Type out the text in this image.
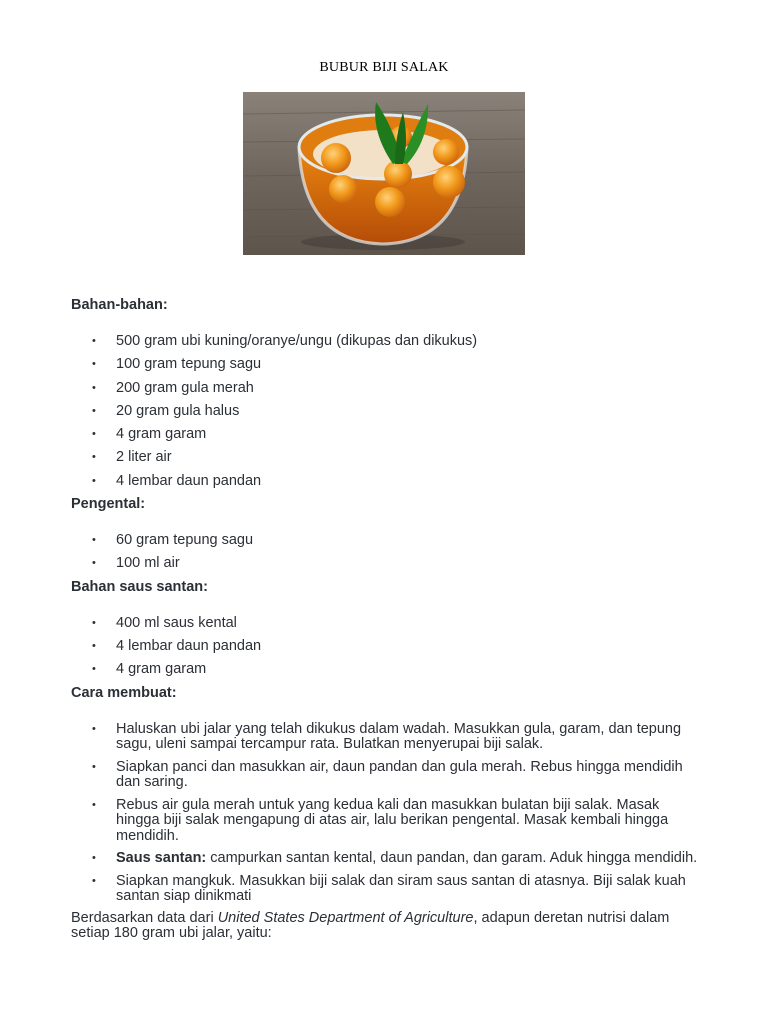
BUBUR BIJI SALAK

Bahan-bahan:

• 500 gram ubi kuning/oranye/ungu (dikupas dan dikukus)
• 100 gram tepung sagu
• 200 gram gula merah
• 20 gram gula halus
• 4 gram garam
• 2 liter air
• 4 lembar daun pandan

Pengental:

• 60 gram tepung sagu
• 100 ml air

Bahan saus santan:

• 400 ml saus kental
• 4 lembar daun pandan
• 4 gram garam

Cara membuat:

• Haluskan ubi jalar yang telah dikukus dalam wadah. Masukkan gula, garam, dan tepung sagu, uleni sampai tercampur rata. Bulatkan menyerupai biji salak.
• Siapkan panci dan masukkan air, daun pandan dan gula merah. Rebus hingga mendidih dan saring.
• Rebus air gula merah untuk yang kedua kali dan masukkan bulatan biji salak. Masak hingga biji salak mengapung di atas air, lalu berikan pengental. Masak kembali hingga mendidih.
• Saus santan: campurkan santan kental, daun pandan, dan garam. Aduk hingga mendidih.
• Siapkan mangkuk. Masukkan biji salak dan siram saus santan di atasnya. Biji salak kuah santan siap dinikmati

Berdasarkan data dari United States Department of Agriculture, adapun deretan nutrisi dalam setiap 180 gram ubi jalar, yaitu:
